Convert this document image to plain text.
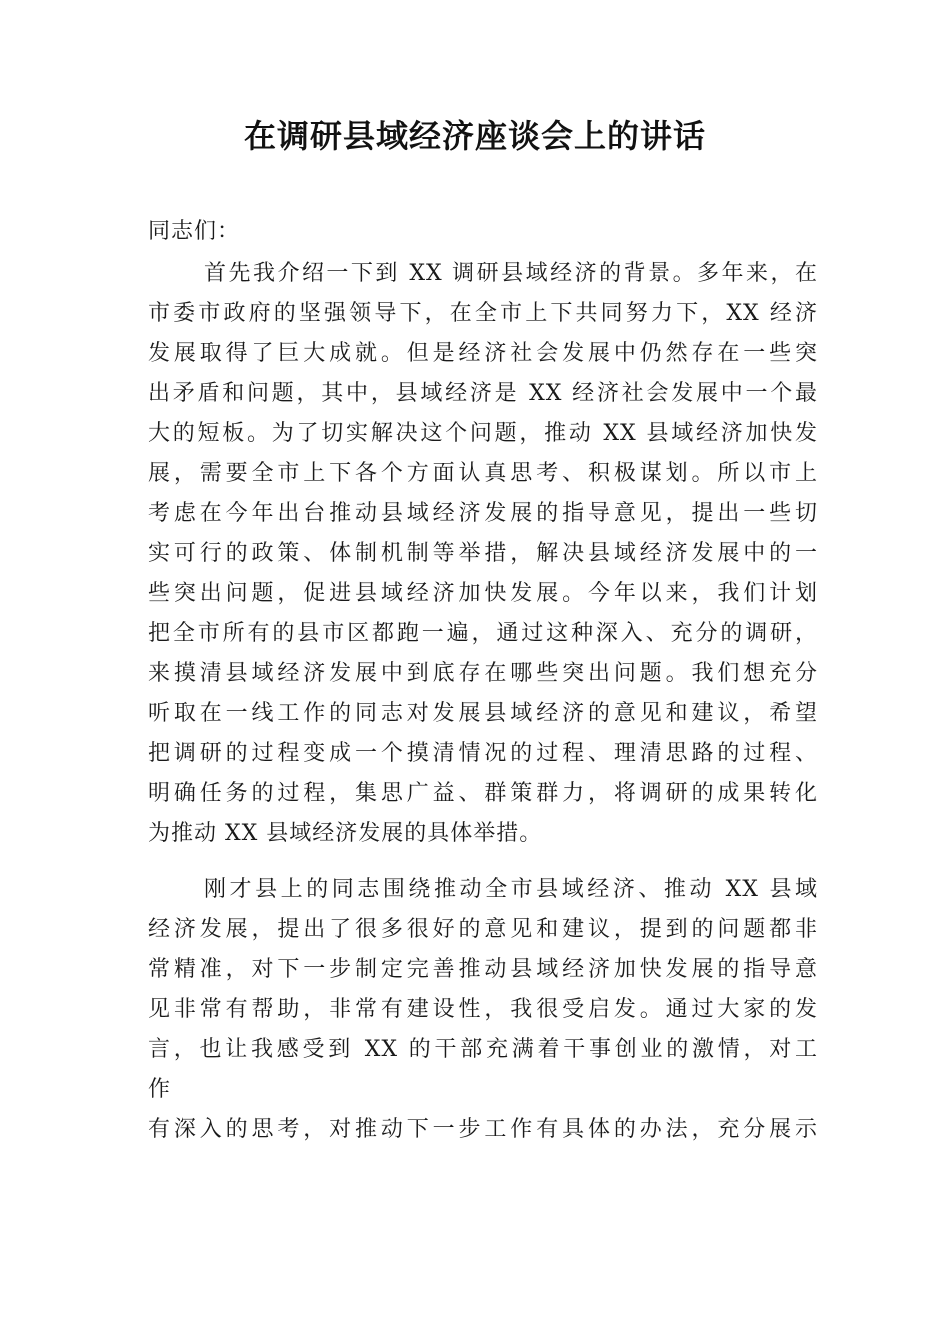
在调研县域经济座谈会上的讲话
同志们：
首先我介绍一下到 XX 调研县域经济的背景。多年来，在
市委市政府的坚强领导下，在全市上下共同努力下，XX 经济
发展取得了巨大成就。但是经济社会发展中仍然存在一些突
出矛盾和问题，其中，县域经济是 XX 经济社会发展中一个最
大的短板。为了切实解决这个问题，推动 XX 县域经济加快发
展，需要全市上下各个方面认真思考、积极谋划。所以市上
考虑在今年出台推动县域经济发展的指导意见，提出一些切
实可行的政策、体制机制等举措，解决县域经济发展中的一
些突出问题，促进县域经济加快发展。今年以来，我们计划
把全市所有的县市区都跑一遍，通过这种深入、充分的调研，
来摸清县域经济发展中到底存在哪些突出问题。我们想充分
听取在一线工作的同志对发展县域经济的意见和建议，希望
把调研的过程变成一个摸清情况的过程、理清思路的过程、
明确任务的过程，集思广益、群策群力，将调研的成果转化
为推动 XX 县域经济发展的具体举措。
刚才县上的同志围绕推动全市县域经济、推动 XX 县域
经济发展，提出了很多很好的意见和建议，提到的问题都非
常精准，对下一步制定完善推动县域经济加快发展的指导意
见非常有帮助，非常有建设性，我很受启发。通过大家的发
言，也让我感受到 XX 的干部充满着干事创业的激情，对工
作
有深入的思考，对推动下一步工作有具体的办法，充分展示
